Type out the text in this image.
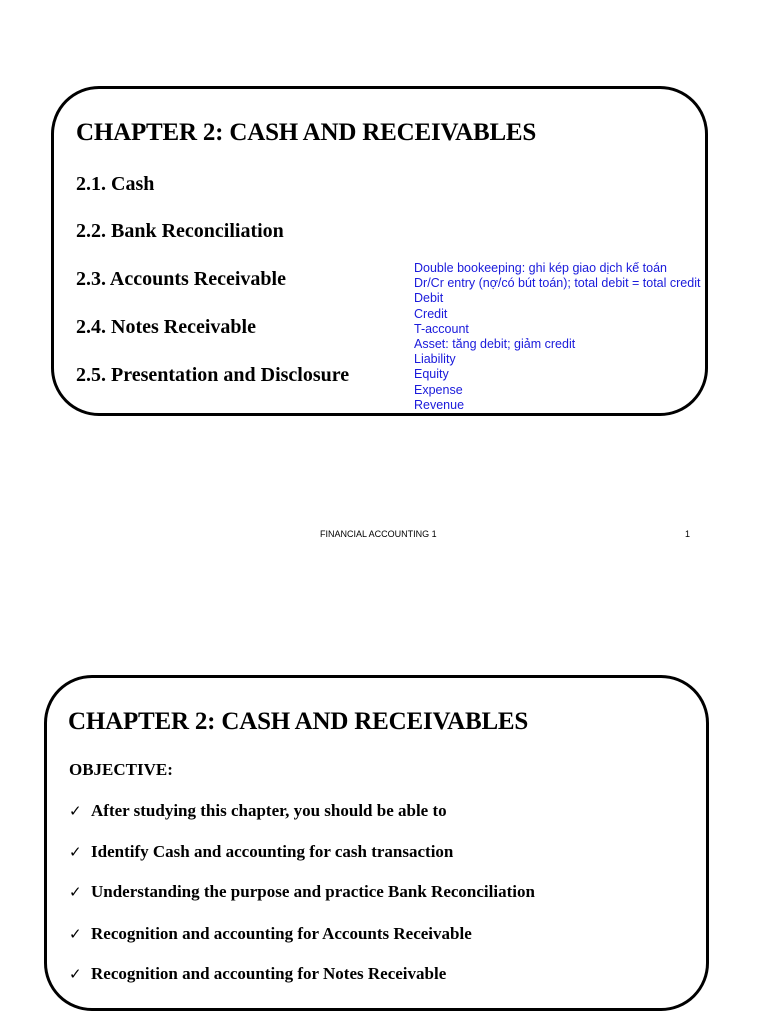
CHAPTER 2: CASH AND RECEIVABLES
2.1. Cash
2.2. Bank Reconciliation
2.3. Accounts Receivable
2.4. Notes Receivable
2.5. Presentation and Disclosure
Double bookeeping: ghi kép giao dịch kế toán
Dr/Cr entry (nợ/có bút toán); total debit = total credit
Debit
Credit
T-account
Asset: tăng debit; giảm credit
Liability
Equity
Expense
Revenue
FINANCIAL ACCOUNTING 1	1
CHAPTER 2: CASH AND RECEIVABLES
OBJECTIVE:
✓ After studying this chapter, you should be able to
✓ Identify Cash and accounting for cash transaction
✓ Understanding the purpose and practice Bank Reconciliation
✓ Recognition and accounting for Accounts Receivable
✓ Recognition and accounting for Notes Receivable
